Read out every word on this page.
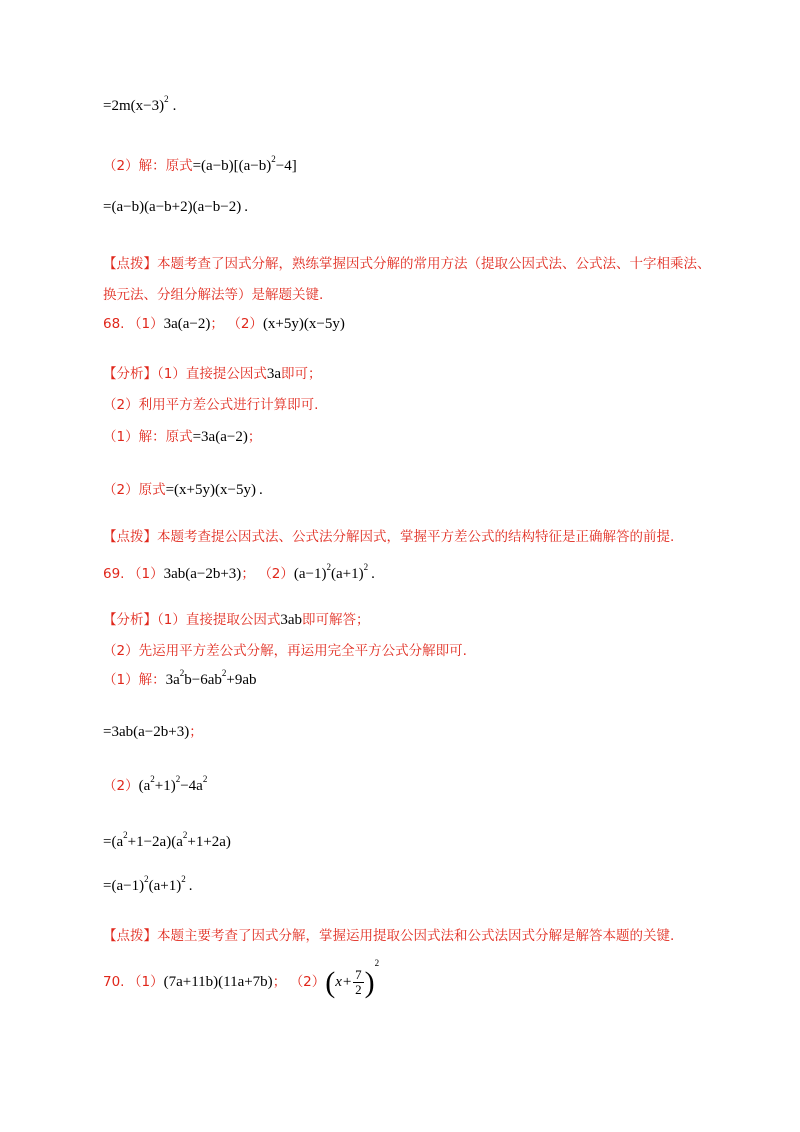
$=2m(x-3)^2$ .
（2）解：原式$=(a-b)[(a-b)^2-4]$
=(a−b)(a−b+2)(a−b−2) .
【点拨】本题考查了因式分解，熟练掌握因式分解的常用方法（提取公因式法、公式法、十字相乘法、
换元法、分组分解法等）是解题关键.
68. （1）3a(a−2)； （2）(x+5y)(x−5y)
【分析】（1）直接提公因式3a即可；
（2）利用平方差公式进行计算即可.
（1）解：原式=3a(a−2)；
（2）原式=(x+5y)(x−5y) .
【点拨】本题考查提公因式法、公式法分解因式，掌握平方差公式的结构特征是正确解答的前提.
69. （1）3ab(a−2b+3)； $(2)(a-1)^2(a+1)^2$ .
【分析】（1）直接提取公因式3ab即可解答；
（2）先运用平方差公式分解，再运用完全平方公式分解即可.
（1）解：$3a^2b-6ab^2+9ab$
=3ab(a−2b+3)；
$(2)(a^2+1)^2-4a^2$
$=(a^2+1-2a)(a^2+1+2a)$
$=(a-1)^2(a+1)^2$ .
【点拨】本题主要考查了因式分解，掌握运用提取公因式法和公式法因式分解是解答本题的关键.
70. （1）(7a+11b)(11a+7b)； $(2)(x+ \frac{7}{2} )^2$
